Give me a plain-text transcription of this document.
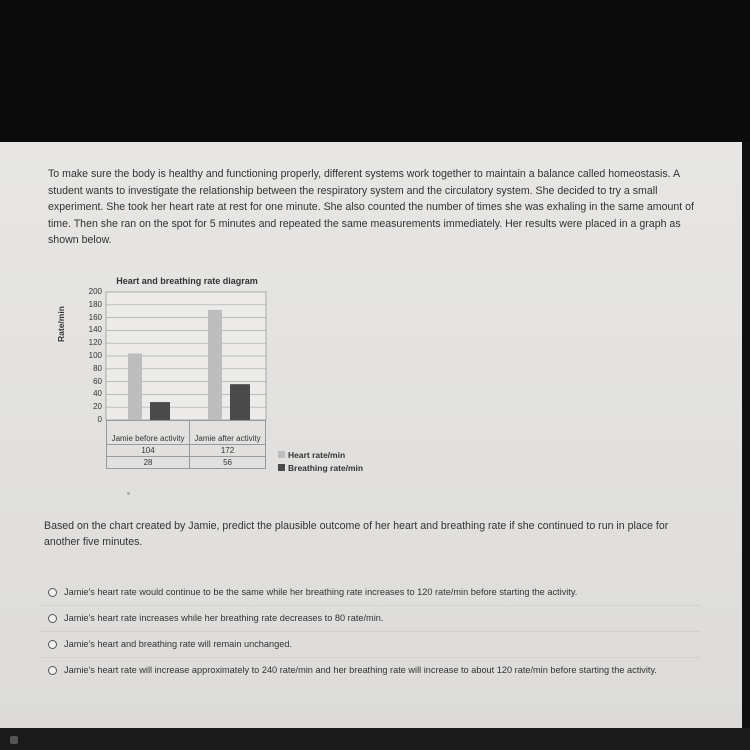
To make sure the body is healthy and functioning properly, different systems work together to maintain a balance called homeostasis. A student wants to investigate the relationship between the respiratory system and the circulatory system. She decided to try a small experiment. She took her heart rate at rest for one minute. She also counted the number of times she was exhaling in the same amount of time. Then she ran on the spot for 5 minutes and repeated the same measurements immediately. Her results were placed in a graph as shown below.

Heart and breathing rate diagram
Rate/min
200
180
160
140
120
100
80
60
40
20
0
Jamie before activity	Jamie after activity
104	172
28	56
Heart rate/min
Breathing rate/min

Based on the chart created by Jamie, predict the plausible outcome of her heart and breathing rate if she continued to run in place for another five minutes.

Jamie's heart rate would continue to be the same while her breathing rate increases to 120 rate/min before starting the activity.
Jamie's heart rate increases while her breathing rate decreases to 80 rate/min.
Jamie's heart and breathing rate will remain unchanged.
Jamie's heart rate will increase approximately to 240 rate/min and her breathing rate will increase to about 120 rate/min before starting the activity.
